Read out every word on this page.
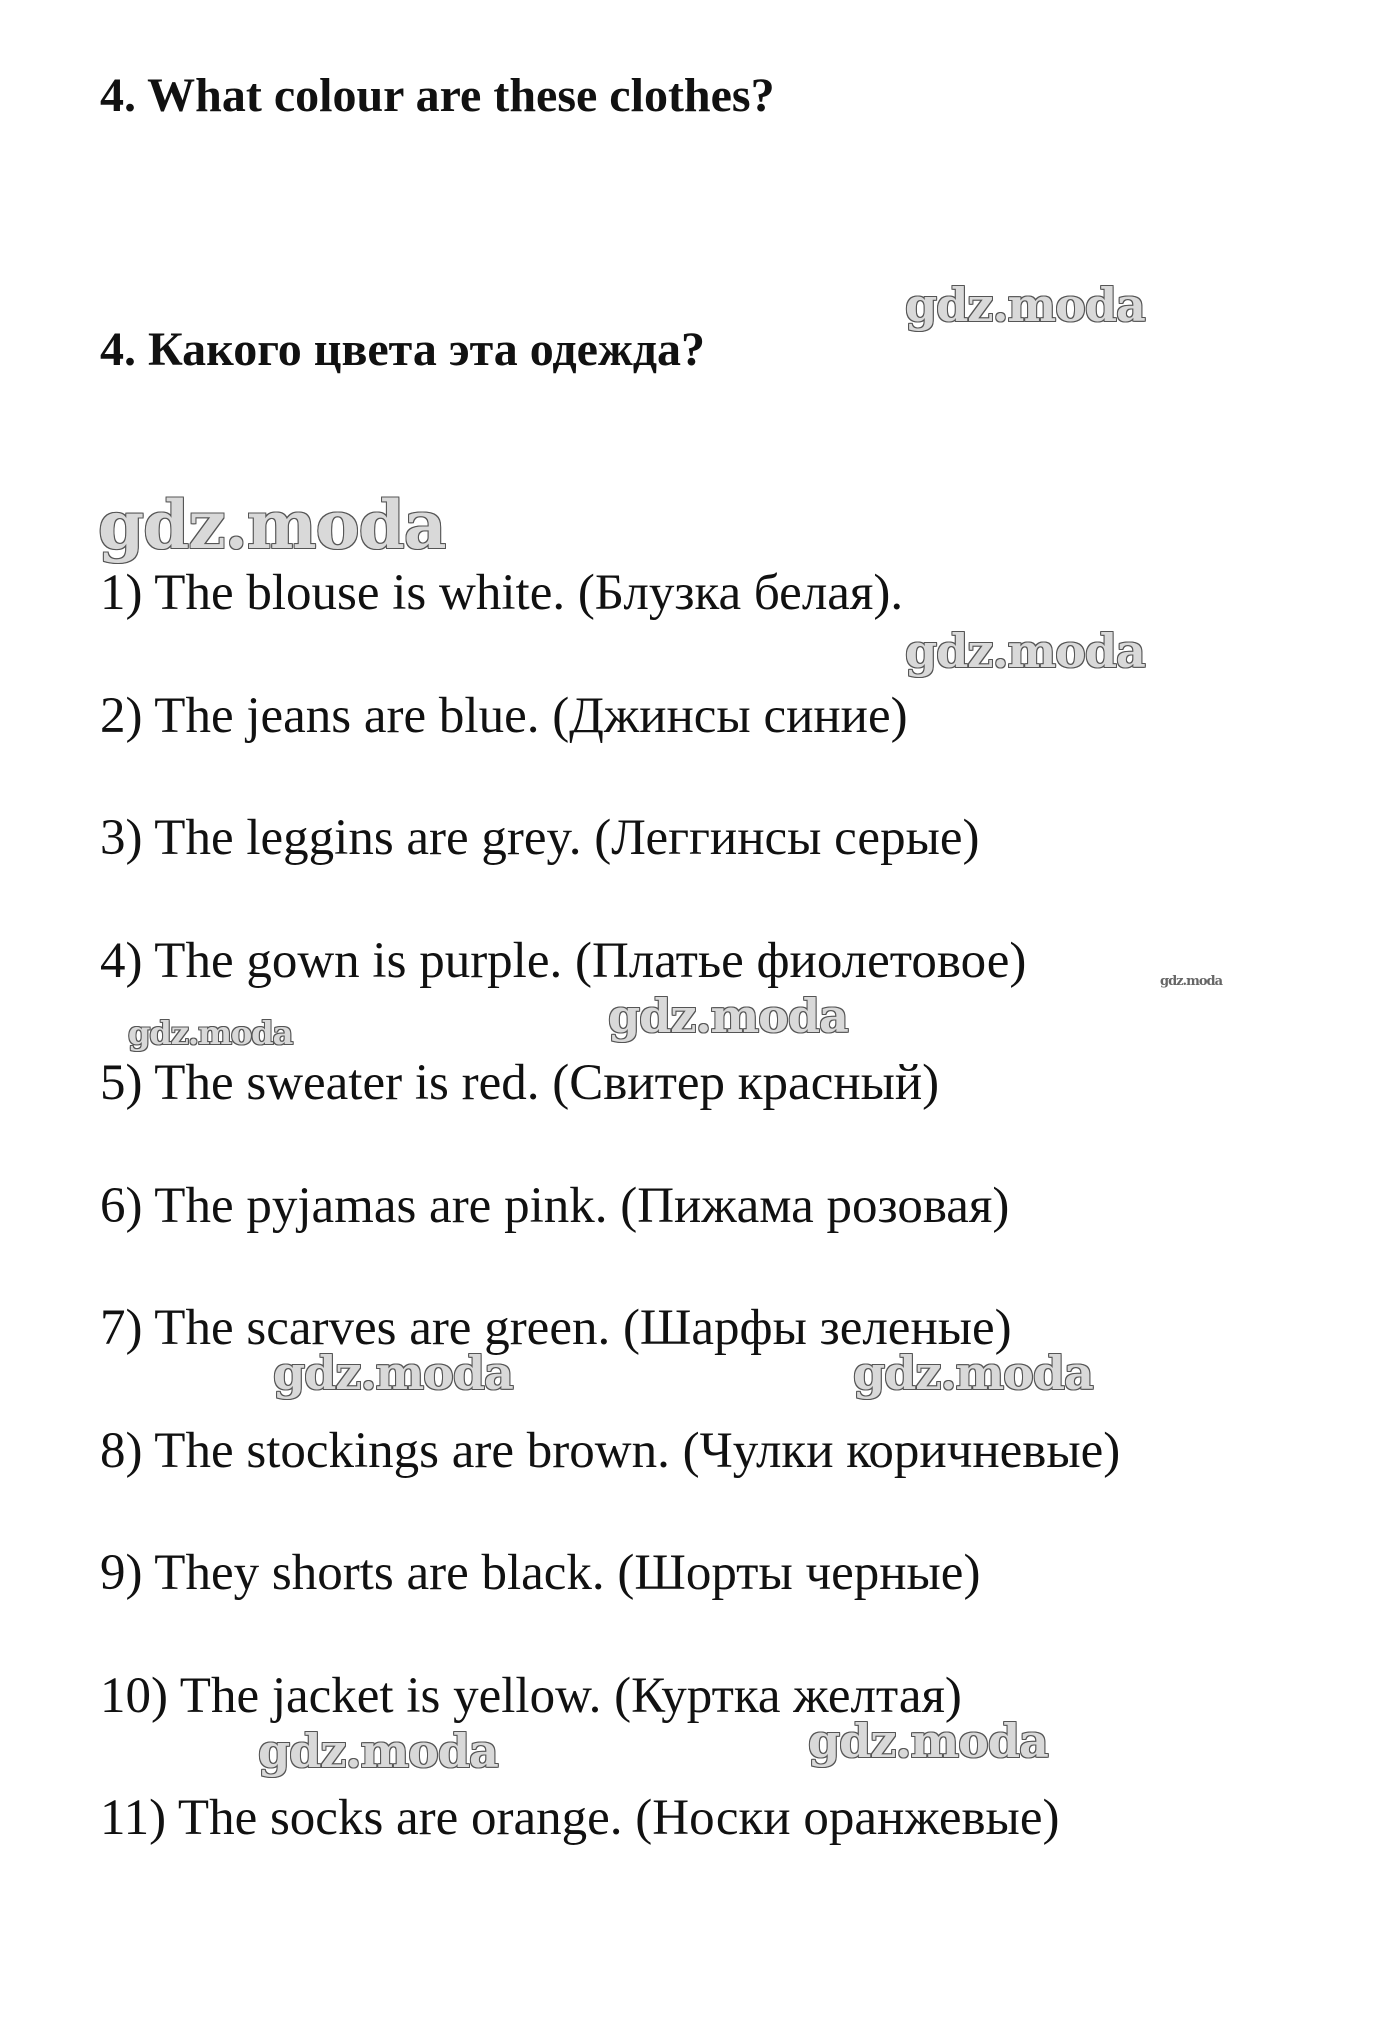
4. What colour are these clothes?
4. Какого цвета эта одежда?
1) The blouse is white. (Блузка белая).
2) The jeans are blue. (Джинсы синие)
3) The leggins are grey. (Леггинсы серые)
4) The gown is purple. (Платье фиолетовое)
5) The sweater is red. (Свитер красный)
6) The pyjamas are pink. (Пижама розовая)
7) The scarves are green. (Шарфы зеленые)
8) The stockings are brown. (Чулки коричневые)
9) They shorts are black. (Шорты черные)
10) The jacket is yellow. (Куртка желтая)
11) The socks are orange. (Носки оранжевые)
gdz.moda
gdz.moda
gdz.moda
gdz.moda
gdz.moda	gdz.moda
gdz.moda	gdz.moda
gdz.moda	gdz.moda
